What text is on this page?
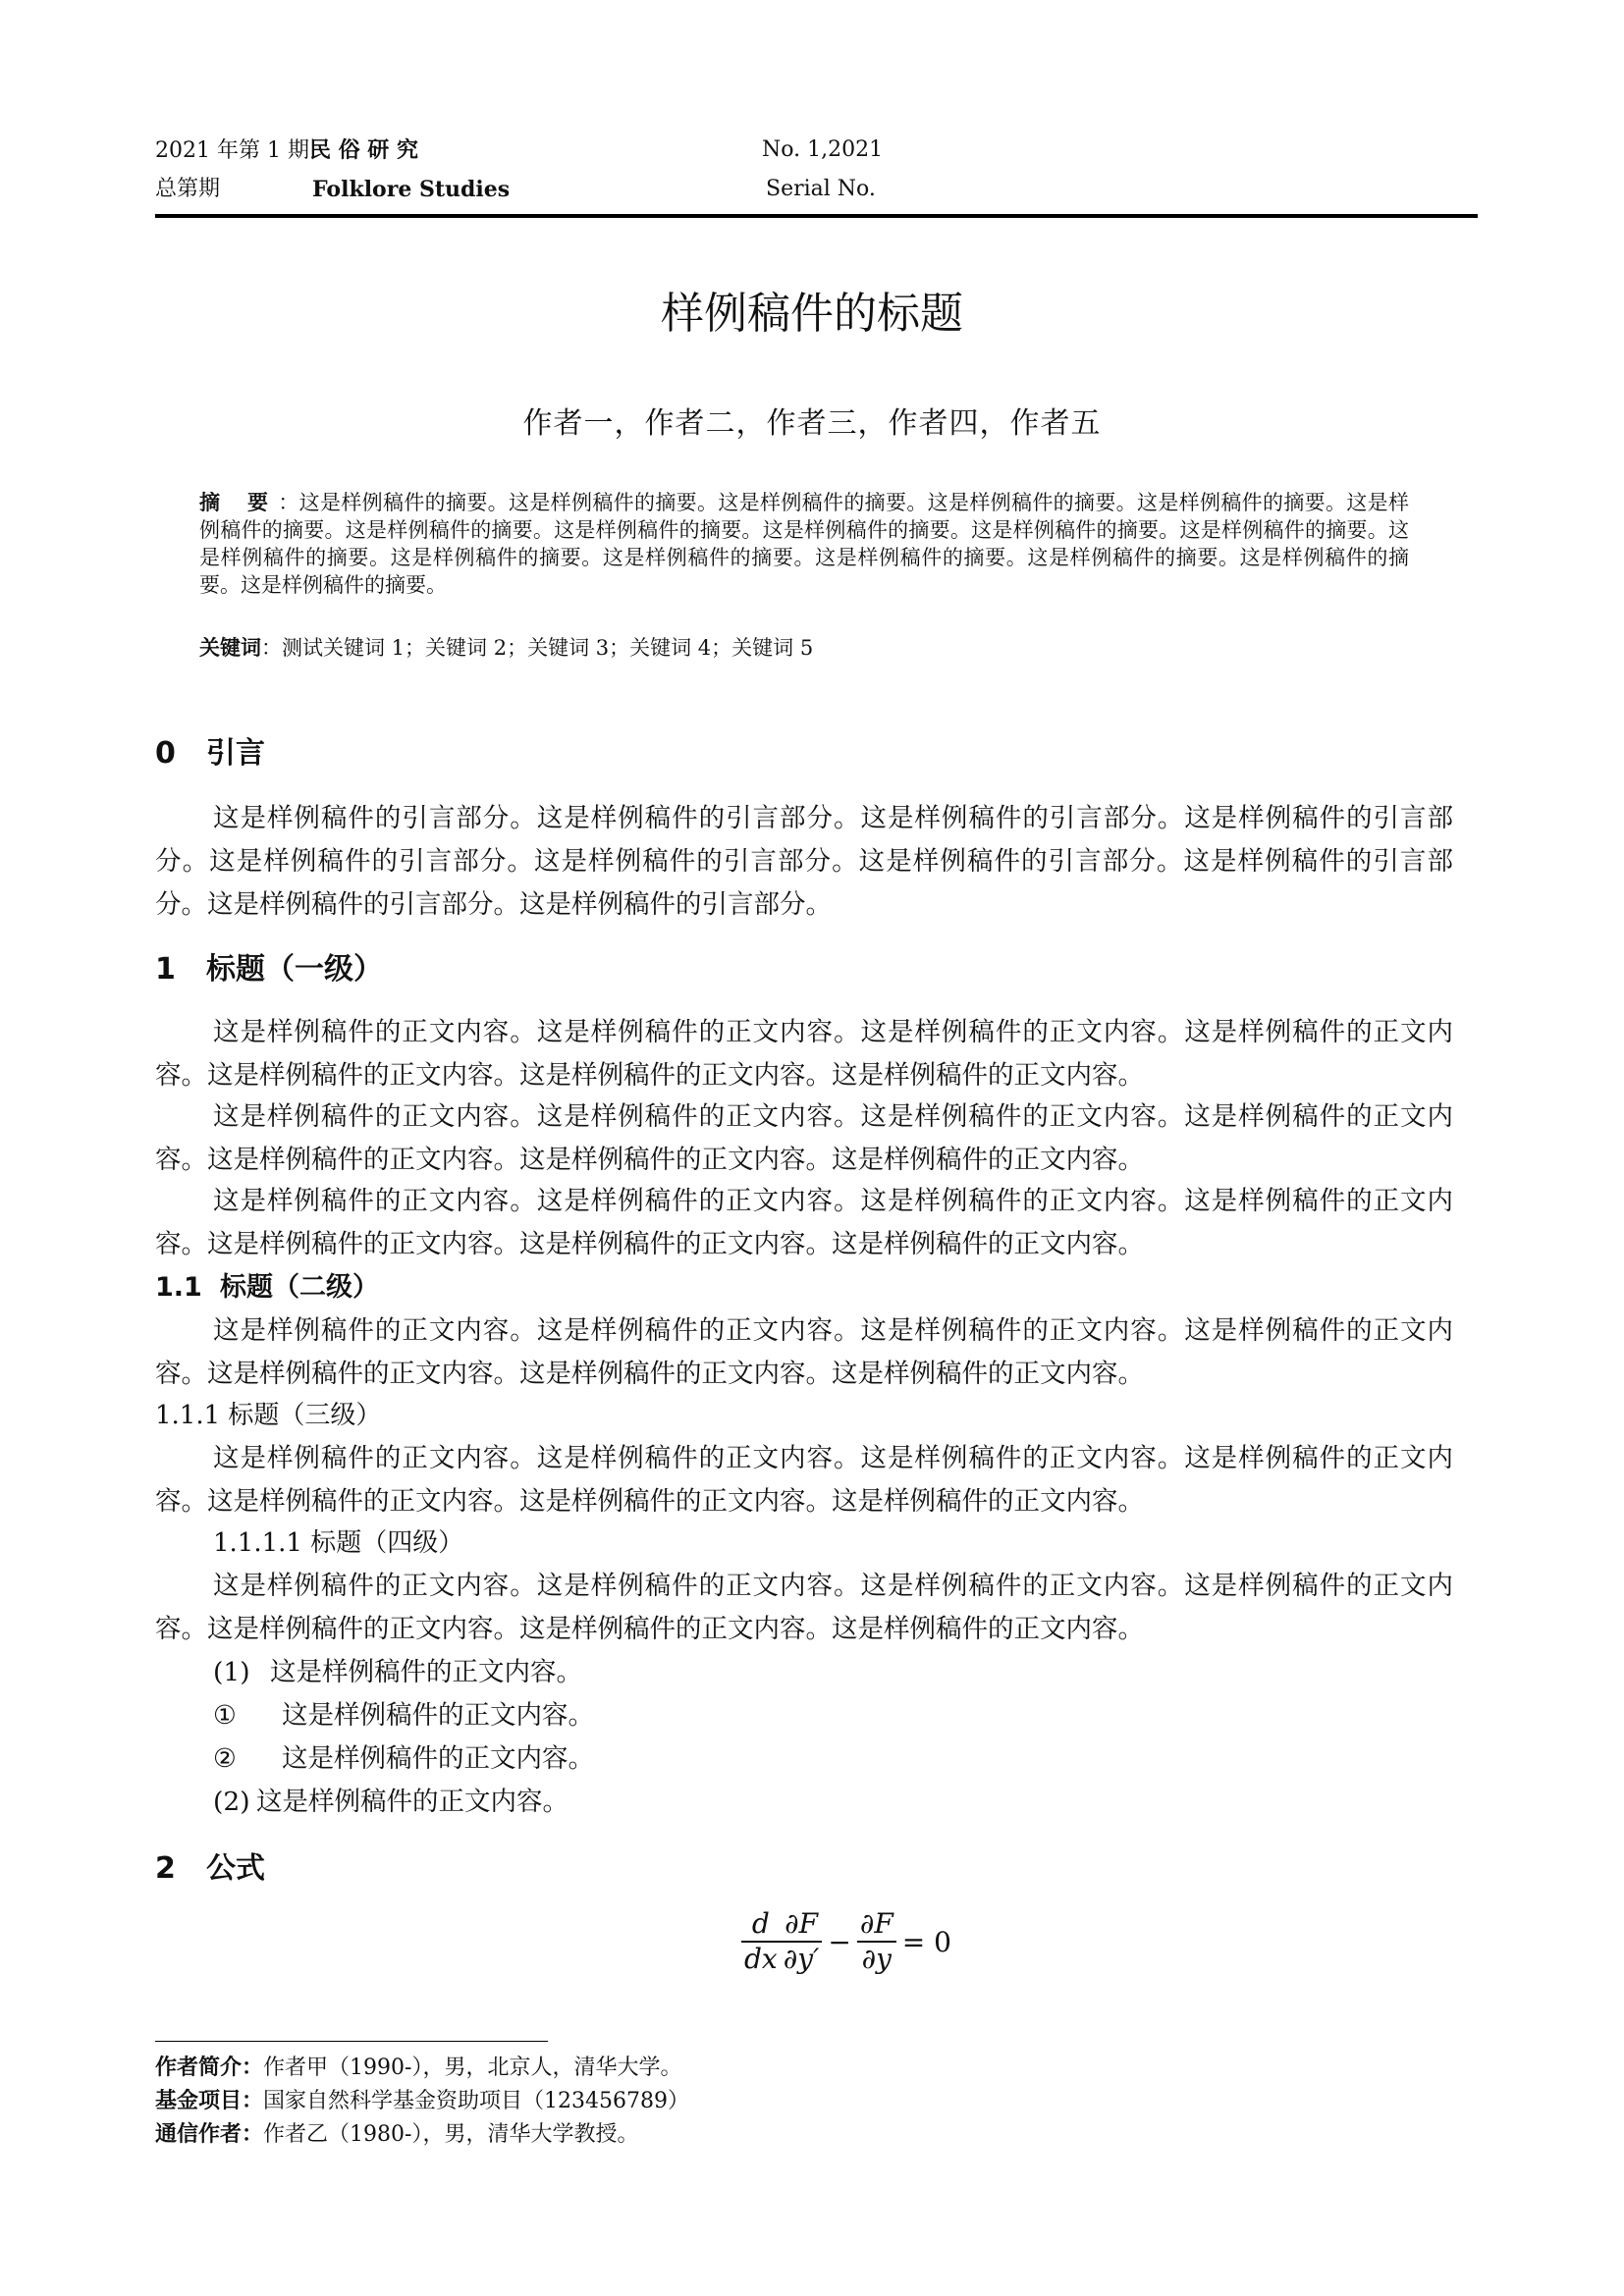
2021 年第 1 期民 俗 研 究
总第期	Folklore Studies
No. 1,2021
Serial No.
样例稿件的标题
作者一，作者二，作者三，作者四，作者五
摘 要：这是样例稿件的摘要。这是样例稿件的摘要。这是样例稿件的摘要。这是样例稿件的摘要。这是样例稿件的摘要。这是样例稿件的摘要。这是样例稿件的摘要。这是样例稿件的摘要。这是样例稿件的摘要。这是样例稿件的摘要。这是样例稿件的摘要。这是样例稿件的摘要。这是样例稿件的摘要。这是样例稿件的摘要。这是样例稿件的摘要。这是样例稿件的摘要。这是样例稿件的摘要。这是样例稿件的摘要。
关键词：测试关键词 1；关键词 2；关键词 3；关键词 4；关键词 5
0 引言
这是样例稿件的引言部分。这是样例稿件的引言部分。这是样例稿件的引言部分。这是样例稿件的引言部分。这是样例稿件的引言部分。这是样例稿件的引言部分。这是样例稿件的引言部分。这是样例稿件的引言部分。这是样例稿件的引言部分。这是样例稿件的引言部分。
1 标题（一级）
这是样例稿件的正文内容。这是样例稿件的正文内容。这是样例稿件的正文内容。这是样例稿件的正文内容。这是样例稿件的正文内容。这是样例稿件的正文内容。这是样例稿件的正文内容。
这是样例稿件的正文内容。这是样例稿件的正文内容。这是样例稿件的正文内容。这是样例稿件的正文内容。这是样例稿件的正文内容。这是样例稿件的正文内容。这是样例稿件的正文内容。
这是样例稿件的正文内容。这是样例稿件的正文内容。这是样例稿件的正文内容。这是样例稿件的正文内容。这是样例稿件的正文内容。这是样例稿件的正文内容。这是样例稿件的正文内容。
1.1 标题（二级）
这是样例稿件的正文内容。这是样例稿件的正文内容。这是样例稿件的正文内容。这是样例稿件的正文内容。这是样例稿件的正文内容。这是样例稿件的正文内容。这是样例稿件的正文内容。
1.1.1 标题（三级）
这是样例稿件的正文内容。这是样例稿件的正文内容。这是样例稿件的正文内容。这是样例稿件的正文内容。这是样例稿件的正文内容。这是样例稿件的正文内容。这是样例稿件的正文内容。
1.1.1.1 标题（四级）
这是样例稿件的正文内容。这是样例稿件的正文内容。这是样例稿件的正文内容。这是样例稿件的正文内容。这是样例稿件的正文内容。这是样例稿件的正文内容。这是样例稿件的正文内容。
(1) 这是样例稿件的正文内容。
① 这是样例稿件的正文内容。
② 这是样例稿件的正文内容。
(2) 这是样例稿件的正文内容。
2 公式
$\frac{d}{dx} \frac{\partial F}{\partial y'} - \frac{\partial F}{\partial y} = 0$
作者简介：作者甲（1990-），男，北京人，清华大学。
基金项目：国家自然科学基金资助项目（123456789）
通信作者：作者乙（1980-），男，清华大学教授。
